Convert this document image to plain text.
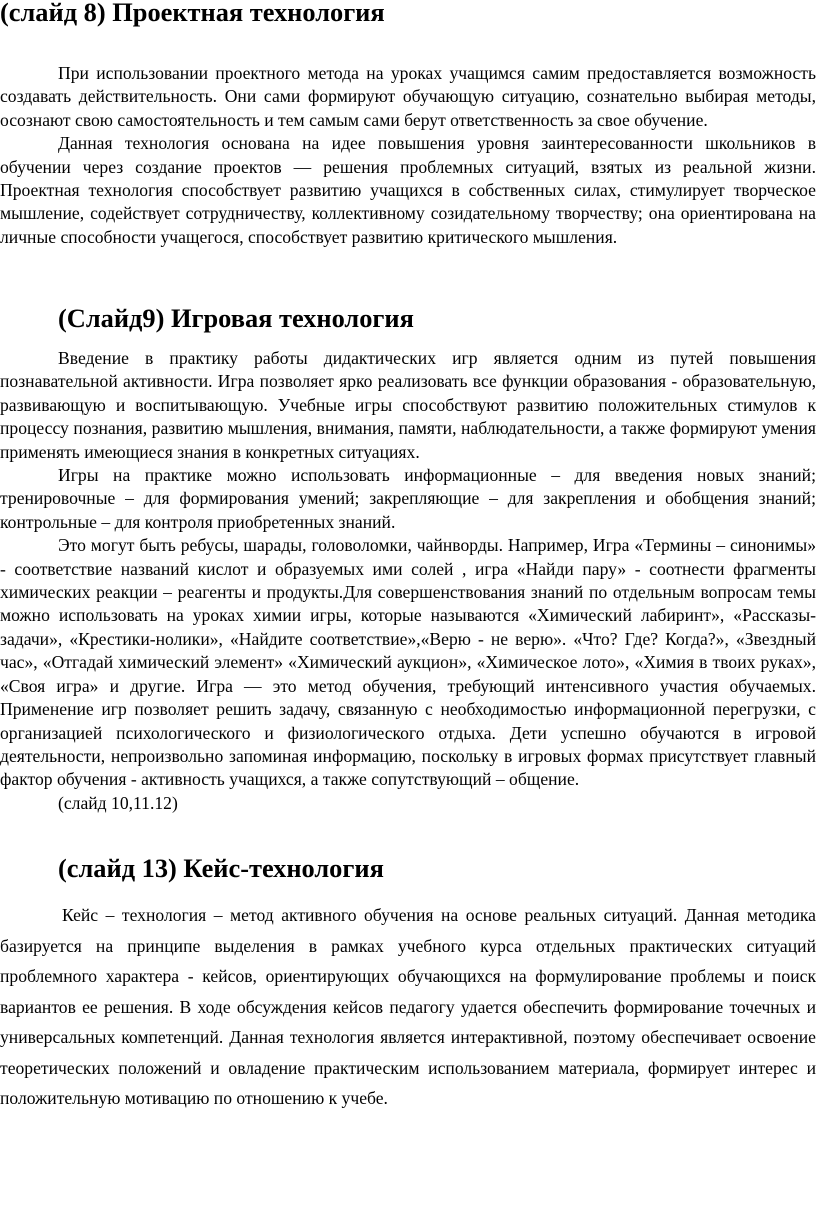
(слайд 8) Проектная технология

При использовании проектного метода на уроках учащимся самим предоставляется возможность создавать действительность. Они сами формируют обучающую ситуацию, сознательно выбирая методы, осознают свою самостоятельность и тем самым сами берут ответственность за свое обучение.

Данная технология основана на идее повышения уровня заинтересованности школьников в обучении через создание проектов — решения проблемных ситуаций, взятых из реальной жизни. Проектная технология способствует развитию учащихся в собственных силах, стимулирует творческое мышление, содействует сотрудничеству, коллективному созидательному творчеству; она ориентирована на личные способности учащегося, способствует развитию критического мышления.

(Слайд9) Игровая технология

Введение в практику работы дидактических игр является одним из путей повышения познавательной активности. Игра позволяет ярко реализовать все функции образования - образовательную, развивающую и воспитывающую. Учебные игры способствуют развитию положительных стимулов к процессу познания, развитию мышления, внимания, памяти, наблюдательности, а также формируют умения применять имеющиеся знания в конкретных ситуациях.

Игры на практике можно использовать информационные – для введения новых знаний; тренировочные – для формирования умений; закрепляющие – для закрепления и обобщения знаний; контрольные – для контроля приобретенных знаний.

Это могут быть ребусы, шарады, головоломки, чайнворды. Например, Игра «Термины – синонимы» - соответствие названий кислот и образуемых ими солей , игра «Найди пару» - соотнести фрагменты химических реакции – реагенты и продукты.Для совершенствования знаний по отдельным вопросам темы можно использовать на уроках химии игры, которые называются «Химический лабиринт», «Рассказы-задачи», «Крестики-нолики», «Найдите соответствие»,«Верю - не верю». «Что? Где? Когда?», «Звездный час», «Отгадай химический элемент» «Химический аукцион», «Химическое лото», «Химия в твоих руках», «Своя игра» и другие. Игра — это метод обучения, требующий интенсивного участия обучаемых. Применение игр позволяет решить задачу, связанную с необходимостью информационной перегрузки, с организацией психологического и физиологического отдыха. Дети успешно обучаются в игровой деятельности, непроизвольно запоминая информацию, поскольку в игровых формах присутствует главный фактор обучения - активность учащихся, а также сопутствующий – общение.

(слайд 10,11.12)

(слайд 13) Кейс-технология

Кейс – технология – метод активного обучения на основе реальных ситуаций. Данная методика базируется на принципе выделения в рамках учебного курса отдельных практических ситуаций проблемного характера - кейсов, ориентирующих обучающихся на формулирование проблемы и поиск вариантов ее решения. В ходе обсуждения кейсов педагогу удается обеспечить формирование точечных и универсальных компетенций. Данная технология является интерактивной, поэтому обеспечивает освоение теоретических положений и овладение практическим использованием материала, формирует интерес и положительную мотивацию по отношению к учебе.
